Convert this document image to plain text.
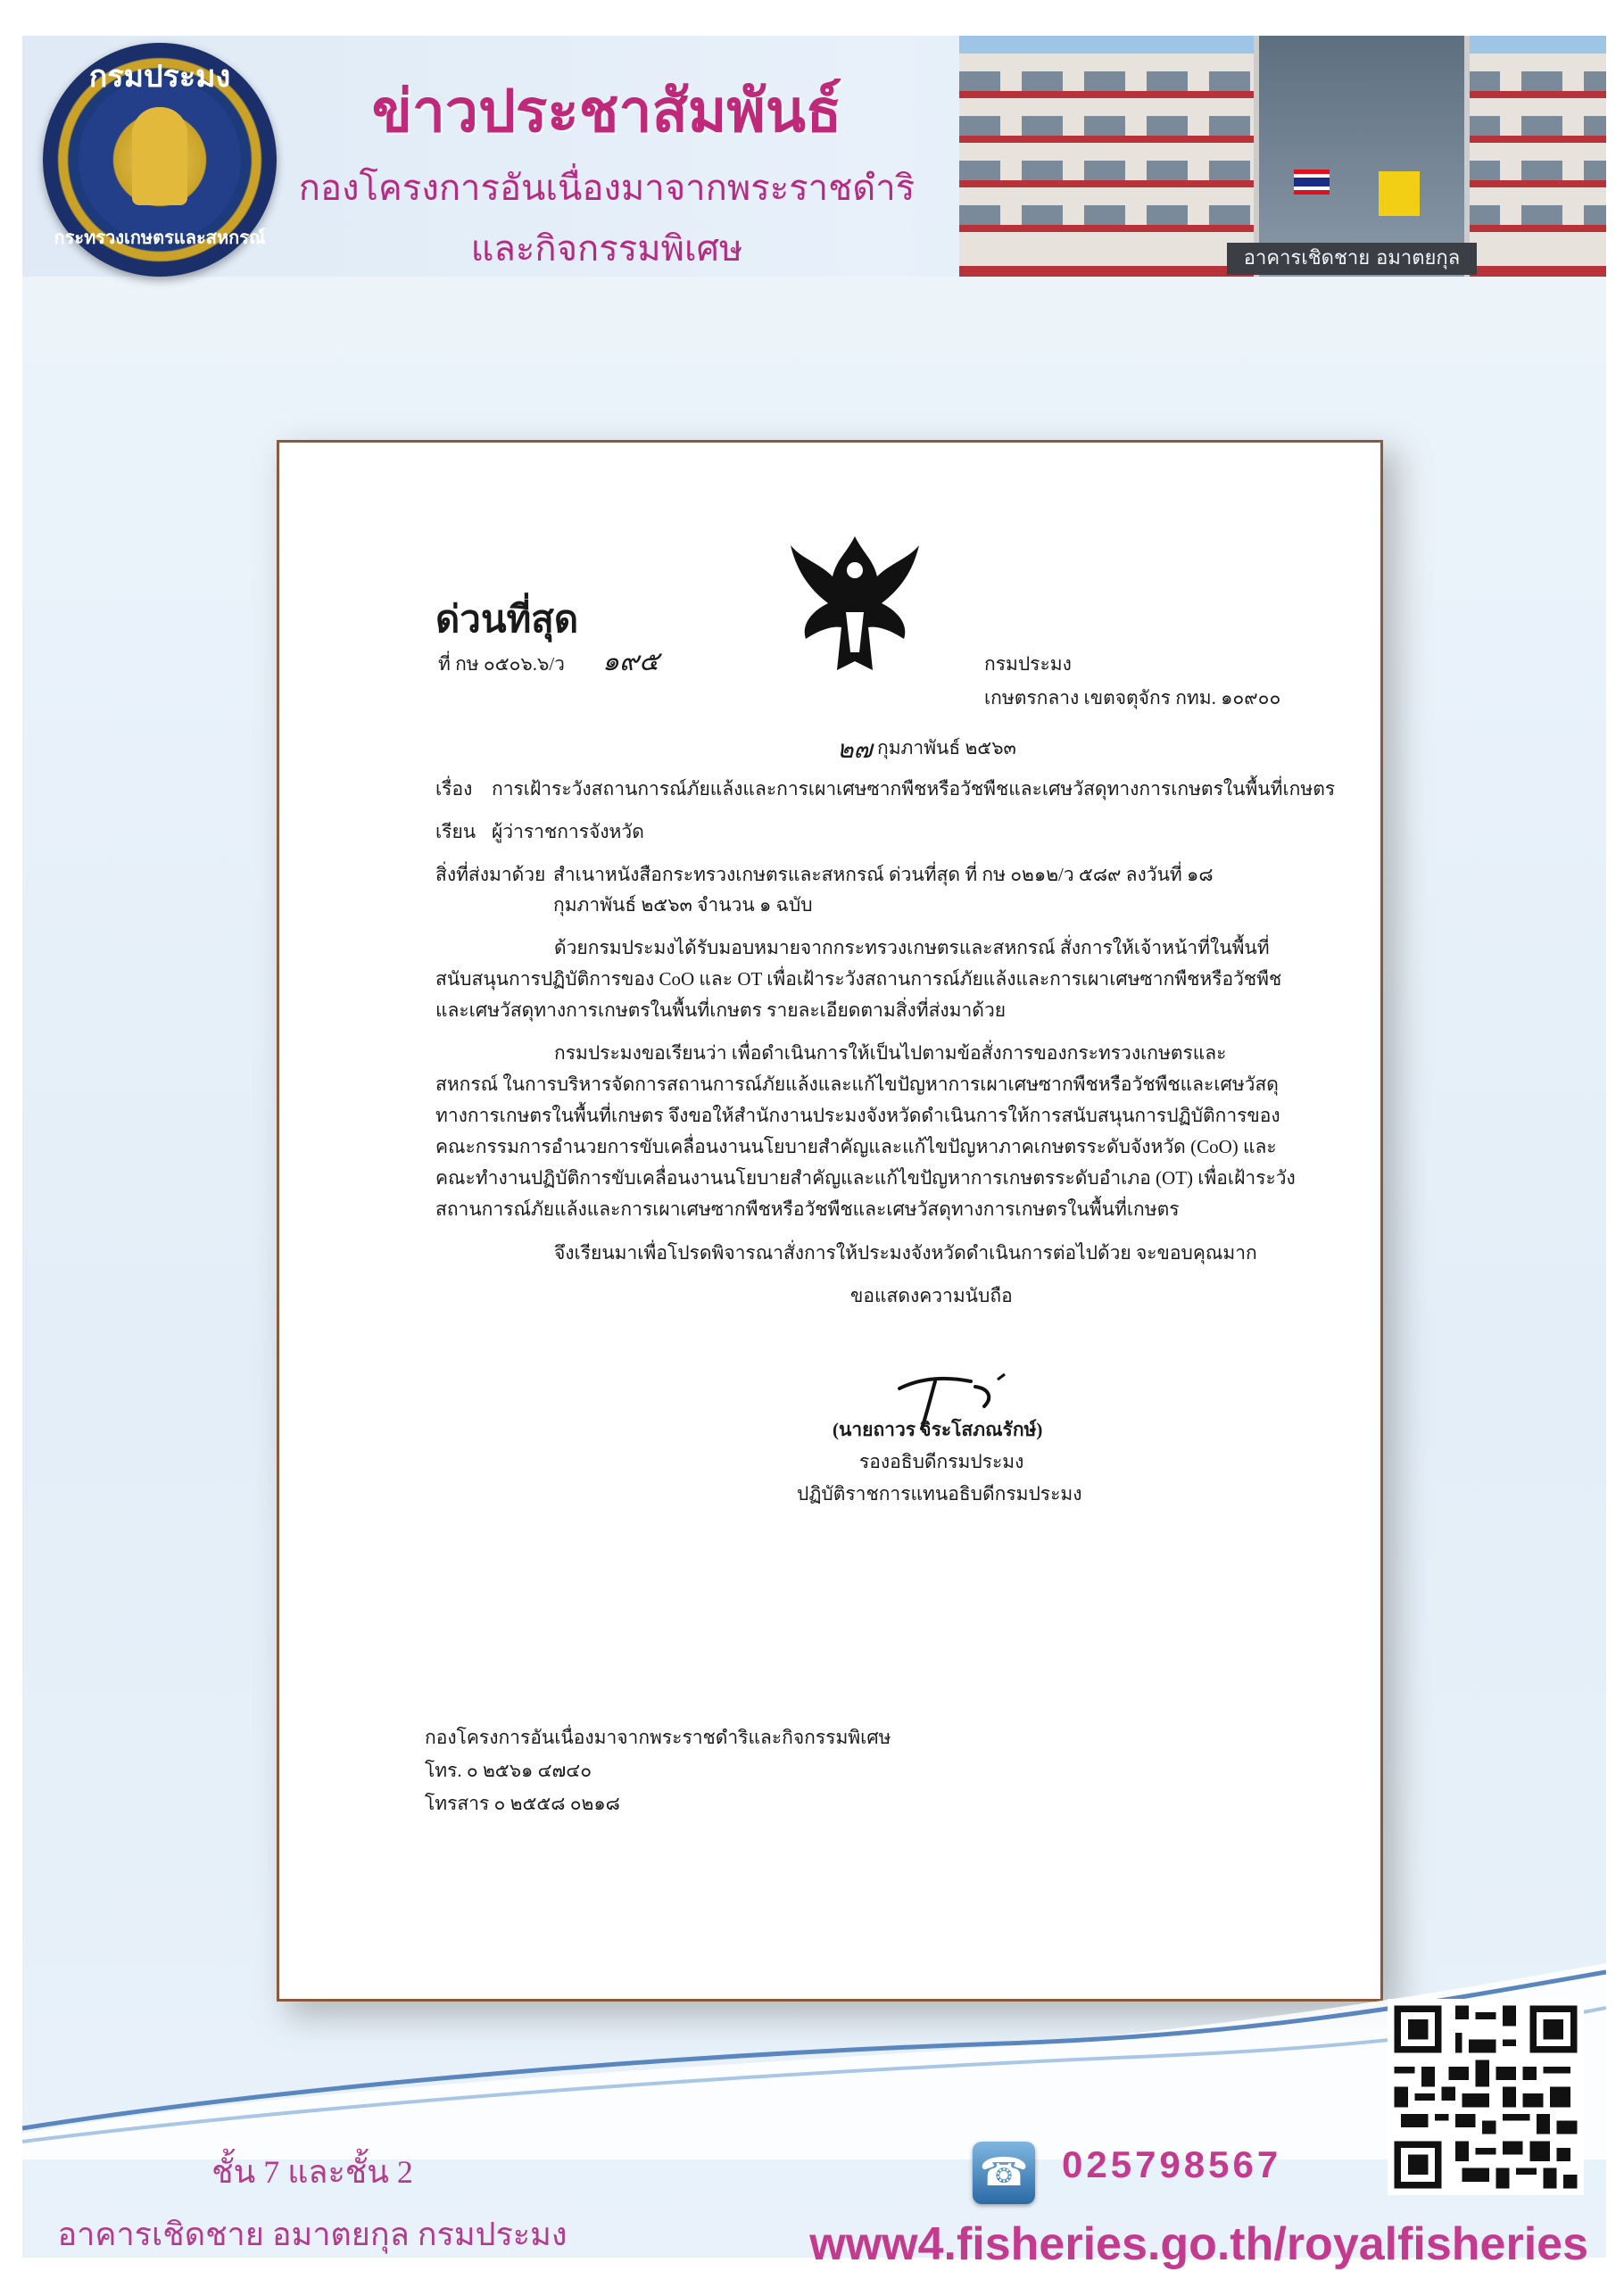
กรมประมง
กระทรวงเกษตรและสหกรณ์
ข่าวประชาสัมพันธ์
กองโครงการอันเนื่องมาจากพระราชดำริ
และกิจกรรมพิเศษ	อาคารเชิดชาย อมาตยกุล
ด่วนที่สุด
ที่ กษ ๐๕๐๖.๖/ว ๑๙๕	กรมประมง
เกษตรกลาง เขตจตุจักร กทม. ๑๐๙๐๐
๒๗ กุมภาพันธ์ ๒๕๖๓
เรื่อง การเฝ้าระวังสถานการณ์ภัยแล้งและการเผาเศษซากพืชหรือวัชพืชและเศษวัสดุทางการเกษตรในพื้นที่เกษตร
เรียน ผู้ว่าราชการจังหวัด
สิ่งที่ส่งมาด้วย สำเนาหนังสือกระทรวงเกษตรและสหกรณ์ ด่วนที่สุด ที่ กษ ๐๒๑๒/ว ๕๘๙ ลงวันที่ ๑๘
กุมภาพันธ์ ๒๕๖๓ จำนวน ๑ ฉบับ
ด้วยกรมประมงได้รับมอบหมายจากกระทรวงเกษตรและสหกรณ์ สั่งการให้เจ้าหน้าที่ในพื้นที่
สนับสนุนการปฏิบัติการของ CoO และ OT เพื่อเฝ้าระวังสถานการณ์ภัยแล้งและการเผาเศษซากพืชหรือวัชพืช
และเศษวัสดุทางการเกษตรในพื้นที่เกษตร รายละเอียดตามสิ่งที่ส่งมาด้วย
กรมประมงขอเรียนว่า เพื่อดำเนินการให้เป็นไปตามข้อสั่งการของกระทรวงเกษตรและ
สหกรณ์ ในการบริหารจัดการสถานการณ์ภัยแล้งและแก้ไขปัญหาการเผาเศษซากพืชหรือวัชพืชและเศษวัสดุ
ทางการเกษตรในพื้นที่เกษตร จึงขอให้สำนักงานประมงจังหวัดดำเนินการให้การสนับสนุนการปฏิบัติการของ
คณะกรรมการอำนวยการขับเคลื่อนงานนโยบายสำคัญและแก้ไขปัญหาภาคเกษตรระดับจังหวัด (CoO) และ
คณะทำงานปฏิบัติการขับเคลื่อนงานนโยบายสำคัญและแก้ไขปัญหาการเกษตรระดับอำเภอ (OT) เพื่อเฝ้าระวัง
สถานการณ์ภัยแล้งและการเผาเศษซากพืชหรือวัชพืชและเศษวัสดุทางการเกษตรในพื้นที่เกษตร
จึงเรียนมาเพื่อโปรดพิจารณาสั่งการให้ประมงจังหวัดดำเนินการต่อไปด้วย จะขอบคุณมาก
ขอแสดงความนับถือ
(นายถาวร จิระโสภณรักษ์)
รองอธิบดีกรมประมง
ปฏิบัติราชการแทนอธิบดีกรมประมง
กองโครงการอันเนื่องมาจากพระราชดำริและกิจกรรมพิเศษ
โทร. ๐ ๒๕๖๑ ๔๗๔๐
โทรสาร ๐ ๒๕๕๘ ๐๒๑๘
ชั้น 7 และชั้น 2
อาคารเชิดชาย อมาตยกุล กรมประมง
☎ 025798567
www4.fisheries.go.th/royalfisheries
